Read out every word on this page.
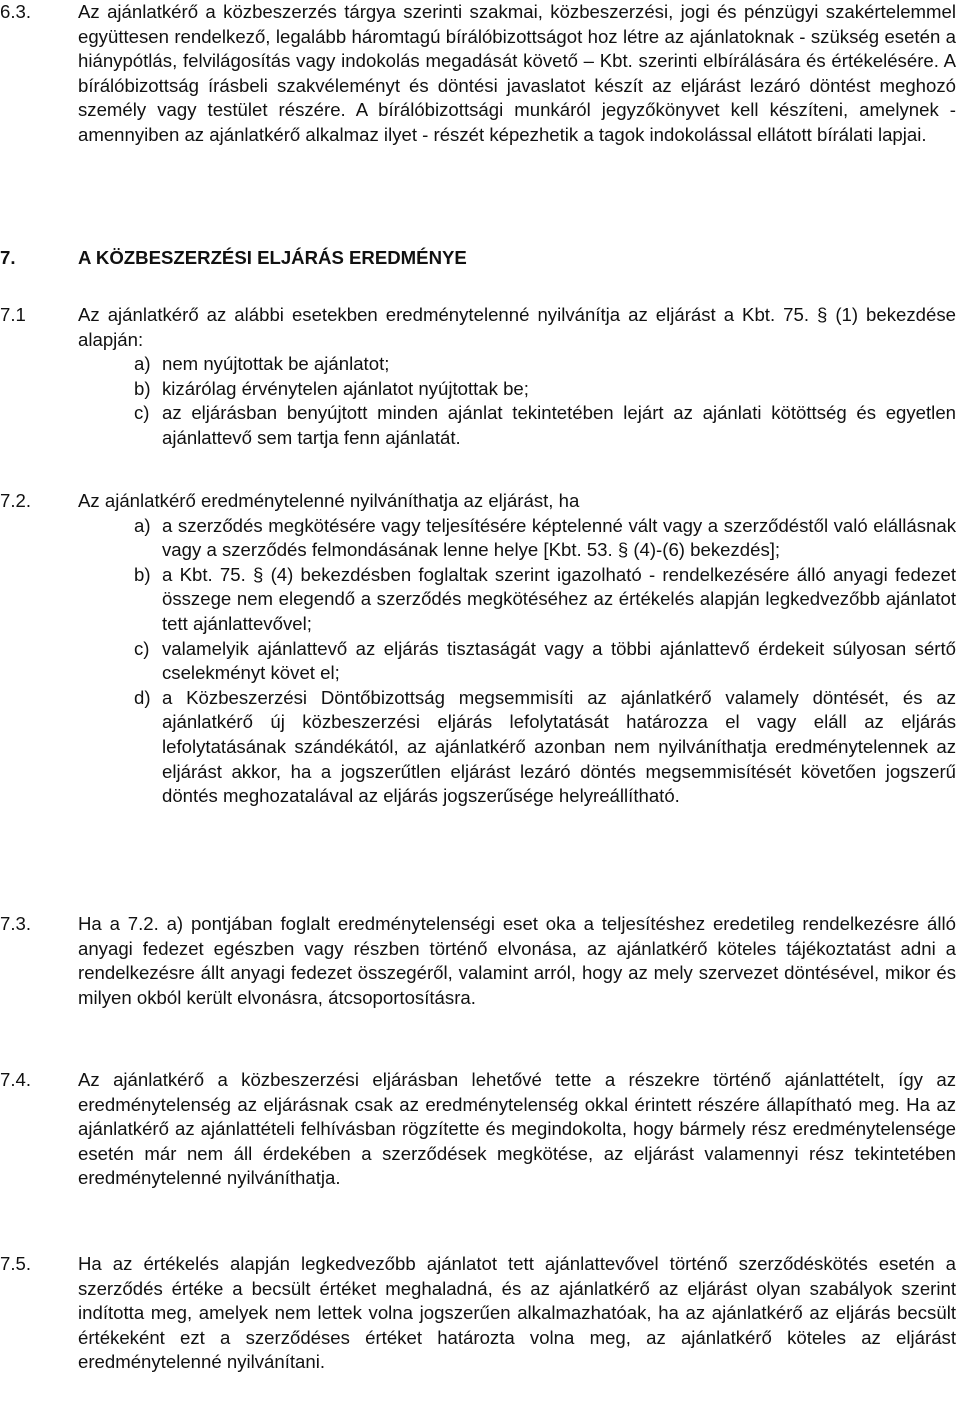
6.3.	Az ajánlatkérő a közbeszerzés tárgya szerinti szakmai, közbeszerzési, jogi és pénzügyi szakértelemmel együttesen rendelkező, legalább háromtagú bírálóbizottságot hoz létre az ajánlatoknak - szükség esetén a hiánypótlás, felvilágosítás vagy indokolás megadását követő – Kbt. szerinti elbírálására és értékelésére. A bírálóbizottság írásbeli szakvéleményt és döntési javaslatot készít az eljárást lezáró döntést meghozó személy vagy testület részére. A bírálóbizottsági munkáról jegyzőkönyvet kell készíteni, amelynek - amennyiben az ajánlatkérő alkalmaz ilyet - részét képezhetik a tagok indokolással ellátott bírálati lapjai.
7.	A KÖZBESZERZÉSI ELJÁRÁS EREDMÉNYE
7.1	Az ajánlatkérő az alábbi esetekben eredménytelenné nyilvánítja az eljárást a Kbt. 75. § (1) bekezdése alapján:
a) nem nyújtottak be ajánlatot;
b) kizárólag érvénytelen ajánlatot nyújtottak be;
c) az eljárásban benyújtott minden ajánlat tekintetében lejárt az ajánlati kötöttség és egyetlen ajánlattevő sem tartja fenn ajánlatát.
7.2.	Az ajánlatkérő eredménytelenné nyilváníthatja az eljárást, ha
a) a szerződés megkötésére vagy teljesítésére képtelenné vált vagy a szerződéstől való elállásnak vagy a szerződés felmondásának lenne helye [Kbt. 53. § (4)-(6) bekezdés];
b) a Kbt. 75. § (4) bekezdésben foglaltak szerint igazolható - rendelkezésére álló anyagi fedezet összege nem elegendő a szerződés megkötéséhez az értékelés alapján legkedvezőbb ajánlatot tett ajánlattevővel;
c) valamelyik ajánlattevő az eljárás tisztaságát vagy a többi ajánlattevő érdekeit súlyosan sértő cselekményt követ el;
d) a Közbeszerzési Döntőbizottság megsemmisíti az ajánlatkérő valamely döntését, és az ajánlatkérő új közbeszerzési eljárás lefolytatását határozza el vagy eláll az eljárás lefolytatásának szándékától, az ajánlatkérő azonban nem nyilváníthatja eredménytelennek az eljárást akkor, ha a jogszerűtlen eljárást lezáró döntés megsemmisítését követően jogszerű döntés meghozatalával az eljárás jogszerűsége helyreállítható.
7.3.	Ha a 7.2. a) pontjában foglalt eredménytelenségi eset oka a teljesítéshez eredetileg rendelkezésre álló anyagi fedezet egészben vagy részben történő elvonása, az ajánlatkérő köteles tájékoztatást adni a rendelkezésre állt anyagi fedezet összegéről, valamint arról, hogy az mely szervezet döntésével, mikor és milyen okból került elvonásra, átcsoportosításra.
7.4.	Az ajánlatkérő a közbeszerzési eljárásban lehetővé tette a részekre történő ajánlattételt, így az eredménytelenség az eljárásnak csak az eredménytelenség okkal érintett részére állapítható meg. Ha az ajánlatkérő az ajánlattételi felhívásban rögzítette és megindokolta, hogy bármely rész eredménytelensége esetén már nem áll érdekében a szerződések megkötése, az eljárást valamennyi rész tekintetében eredménytelenné nyilváníthatja.
7.5.	Ha az értékelés alapján legkedvezőbb ajánlatot tett ajánlattevővel történő szerződéskötés esetén a szerződés értéke a becsült értéket meghaladná, és az ajánlatkérő az eljárást olyan szabályok szerint indította meg, amelyek nem lettek volna jogszerűen alkalmazhatóak, ha az ajánlatkérő az eljárás becsült értékeként ezt a szerződéses értéket határozta volna meg, az ajánlatkérő köteles az eljárást eredménytelenné nyilvánítani.
